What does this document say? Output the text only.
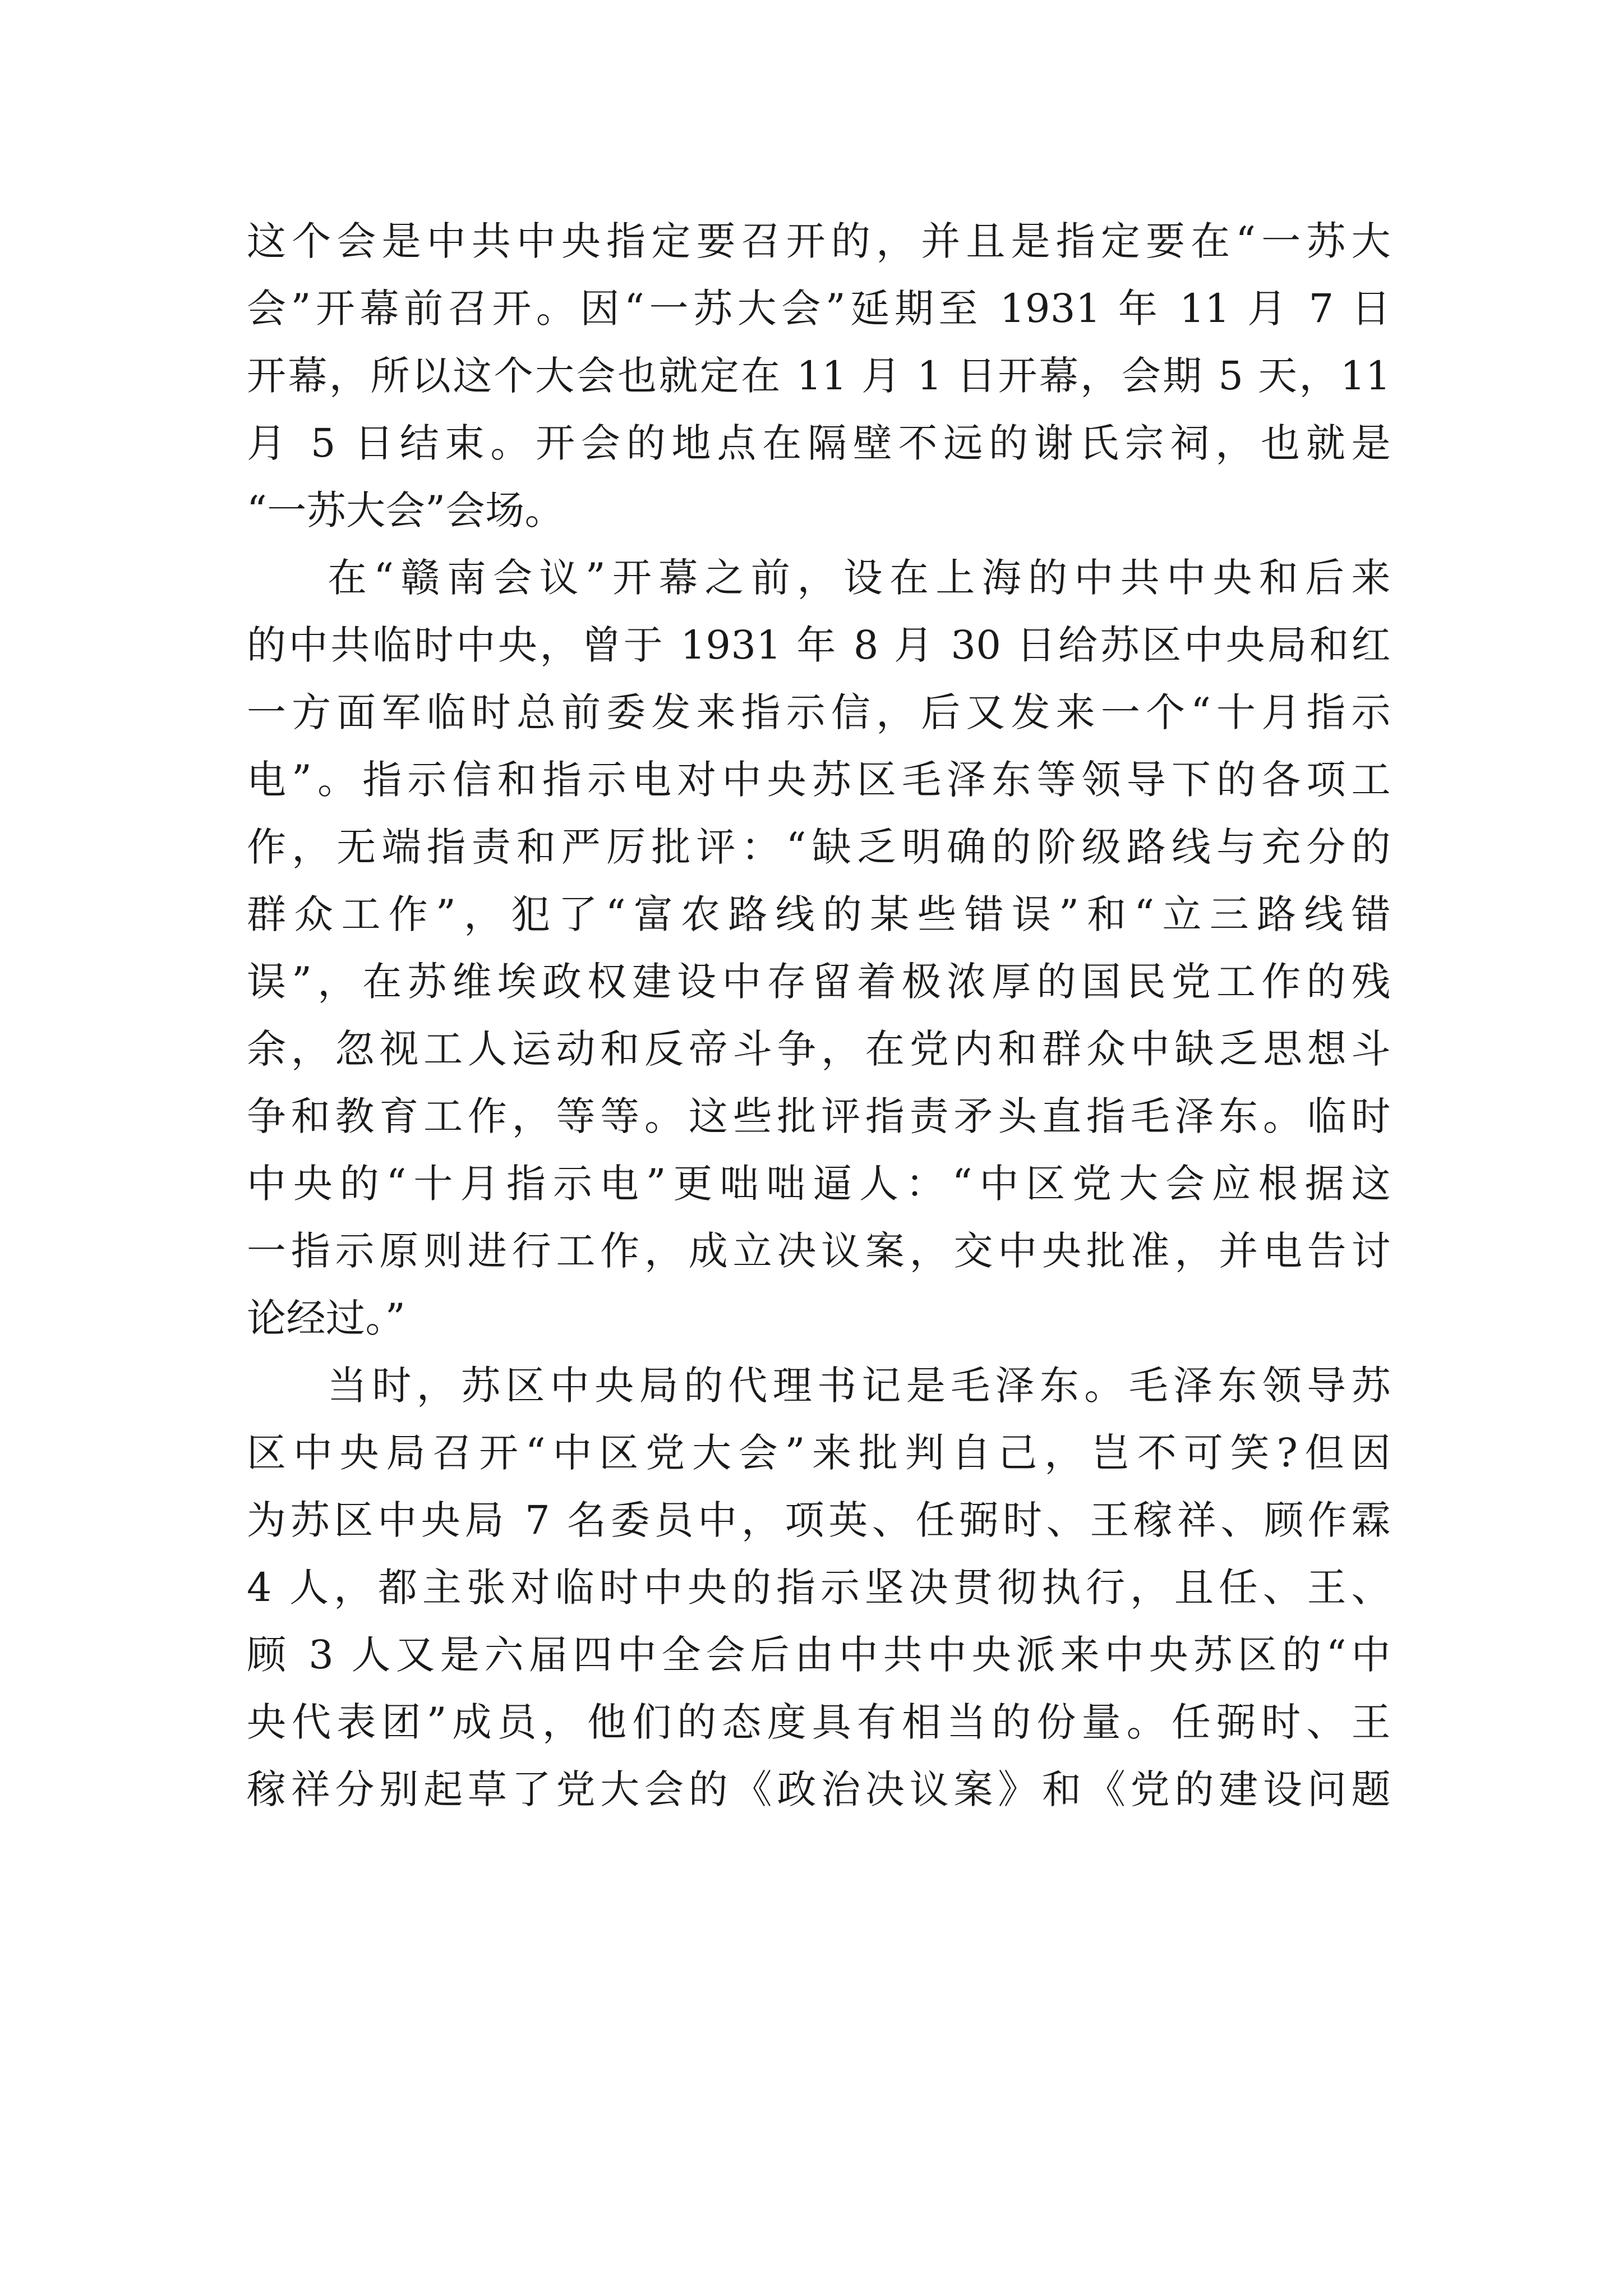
这个会是中共中央指定要召开的，并且是指定要在“一苏大
会”开幕前召开。因“一苏大会”延期至 1931 年 11 月 7 日
开幕，所以这个大会也就定在 11 月 1 日开幕，会期 5 天，11
月 5 日结束。开会的地点在隔壁不远的谢氏宗祠，也就是
“一苏大会”会场。
在“赣南会议”开幕之前，设在上海的中共中央和后来
的中共临时中央，曾于 1931 年 8 月 30 日给苏区中央局和红
一方面军临时总前委发来指示信，后又发来一个“十月指示
电”。指示信和指示电对中央苏区毛泽东等领导下的各项工
作，无端指责和严厉批评：“缺乏明确的阶级路线与充分的
群众工作”，犯了“富农路线的某些错误”和“立三路线错
误”，在苏维埃政权建设中存留着极浓厚的国民党工作的残
余，忽视工人运动和反帝斗争，在党内和群众中缺乏思想斗
争和教育工作，等等。这些批评指责矛头直指毛泽东。临时
中央的“十月指示电”更咄咄逼人：“中区党大会应根据这
一指示原则进行工作，成立决议案，交中央批准，并电告讨
论经过。”
当时，苏区中央局的代理书记是毛泽东。毛泽东领导苏
区中央局召开“中区党大会”来批判自己，岂不可笑?但因
为苏区中央局 7 名委员中，项英、任弼时、王稼祥、顾作霖
4 人，都主张对临时中央的指示坚决贯彻执行，且任、王、
顾 3 人又是六届四中全会后由中共中央派来中央苏区的“中
央代表团”成员，他们的态度具有相当的份量。任弼时、王
稼祥分别起草了党大会的《政治决议案》和《党的建设问题
